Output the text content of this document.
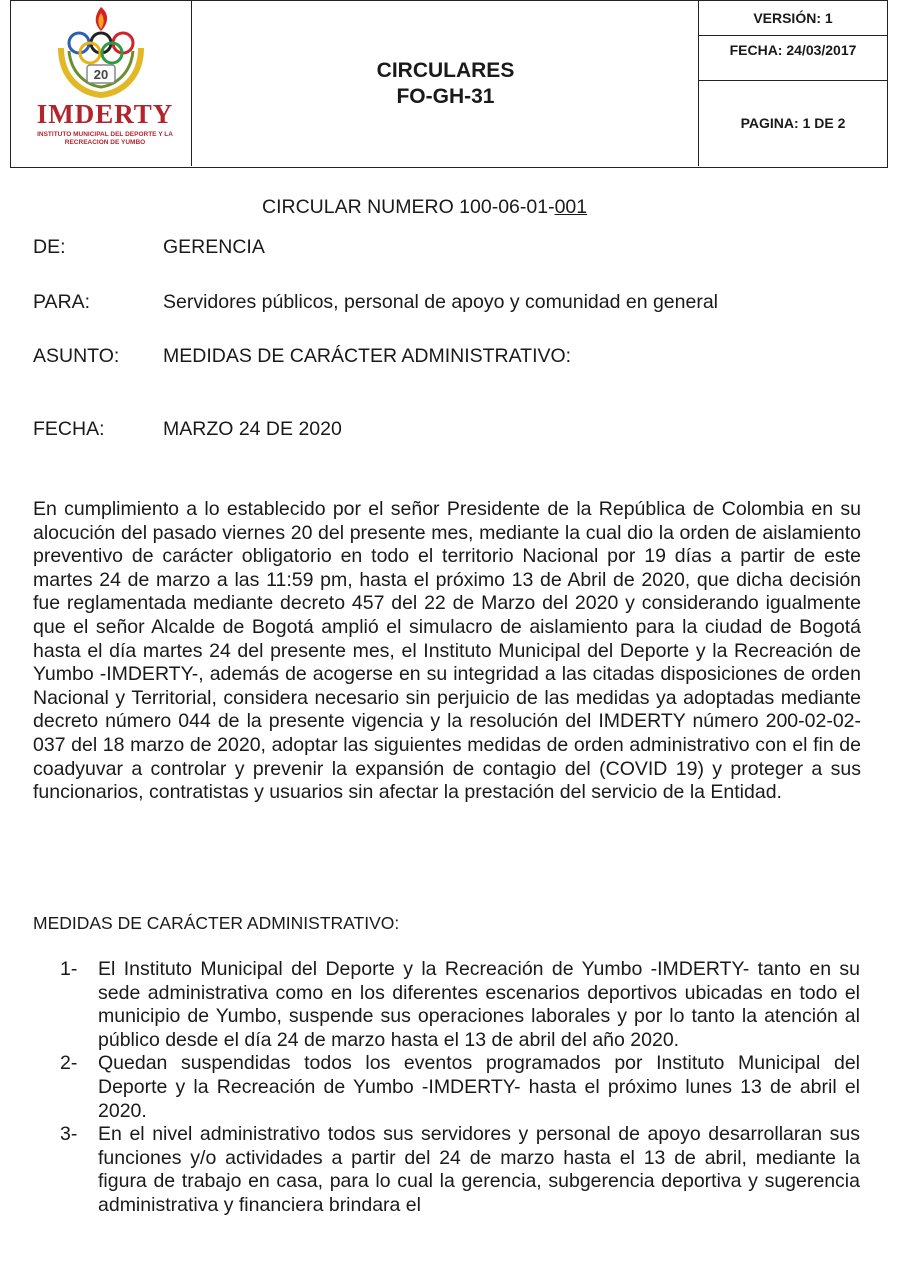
20
IMDERTY
INSTITUTO MUNICIPAL DEL DEPORTE Y LA RECREACION DE YUMBO
CIRCULARES
FO-GH-31
VERSIÓN: 1
FECHA: 24/03/2017
PAGINA: 1 DE 2
CIRCULAR NUMERO 100-06-01-001
DE:	GERENCIA
PARA:	Servidores públicos, personal de apoyo y comunidad en general
ASUNTO: MEDIDAS DE CARÁCTER ADMINISTRATIVO:
FECHA:	MARZO 24 DE 2020
En cumplimiento a lo establecido por el señor Presidente de la República de Colombia en su alocución del pasado viernes 20 del presente mes, mediante la cual dio la orden de aislamiento preventivo de carácter obligatorio en todo el territorio Nacional por 19 días a partir de este martes 24 de marzo a las 11:59 pm, hasta el próximo 13 de Abril de 2020, que dicha decisión fue reglamentada mediante decreto 457 del 22 de Marzo del 2020 y considerando igualmente que el señor Alcalde de Bogotá amplió el simulacro de aislamiento para la ciudad de Bogotá hasta el día martes 24 del presente mes, el Instituto Municipal del Deporte y la Recreación de Yumbo -IMDERTY-, además de acogerse en su integridad a las citadas disposiciones de orden Nacional y Territorial, considera necesario sin perjuicio de las medidas ya adoptadas mediante decreto número 044 de la presente vigencia y la resolución del IMDERTY número 200-02-02-037 del 18 marzo de 2020, adoptar las siguientes medidas de orden administrativo con el fin de coadyuvar a controlar y prevenir la expansión de contagio del (COVID 19) y proteger a sus funcionarios, contratistas y usuarios sin afectar la prestación del servicio de la Entidad.
MEDIDAS DE CARÁCTER ADMINISTRATIVO:
1- El Instituto Municipal del Deporte y la Recreación de Yumbo -IMDERTY- tanto en su sede administrativa como en los diferentes escenarios deportivos ubicadas en todo el municipio de Yumbo, suspende sus operaciones laborales y por lo tanto la atención al público desde el día 24 de marzo hasta el 13 de abril del año 2020.
2- Quedan suspendidas todos los eventos programados por Instituto Municipal del Deporte y la Recreación de Yumbo -IMDERTY- hasta el próximo lunes 13 de abril el 2020.
3- En el nivel administrativo todos sus servidores y personal de apoyo desarrollaran sus funciones y/o actividades a partir del 24 de marzo hasta el 13 de abril, mediante la figura de trabajo en casa, para lo cual la gerencia, subgerencia deportiva y sugerencia administrativa y financiera brindara el
